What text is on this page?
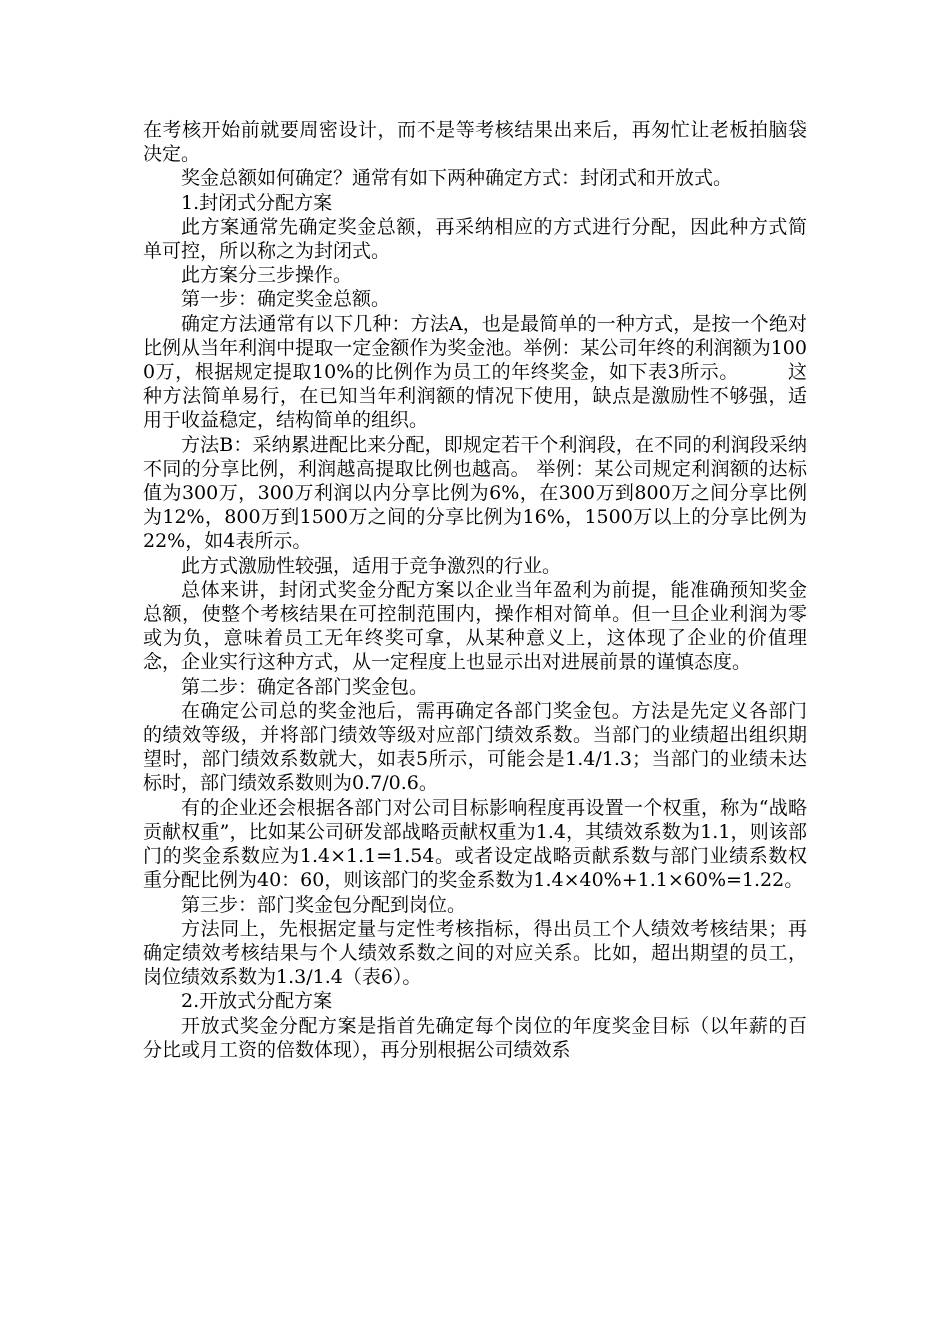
在考核开始前就要周密设计，而不是等考核结果出来后，再匆忙让老板拍脑袋决定。

奖金总额如何确定？通常有如下两种确定方式：封闭式和开放式。

1.封闭式分配方案

此方案通常先确定奖金总额，再采纳相应的方式进行分配，因此种方式简单可控，所以称之为封闭式。

此方案分三步操作。

第一步：确定奖金总额。

确定方法通常有以下几种：方法A，也是最简单的一种方式，是按一个绝对比例从当年利润中提取一定金额作为奖金池。举例：某公司年终的利润额为1000万，根据规定提取10%的比例作为员工的年终奖金，如下表3所示。　　　这种方法简单易行，在已知当年利润额的情况下使用，缺点是激励性不够强，适用于收益稳定，结构简单的组织。

方法B：采纳累进配比来分配，即规定若干个利润段，在不同的利润段采纳不同的分享比例，利润越高提取比例也越高。 举例：某公司规定利润额的达标值为300万，300万利润以内分享比例为6%，在300万到800万之间分享比例为12%，800万到1500万之间的分享比例为16%，1500万以上的分享比例为22%，如4表所示。

此方式激励性较强，适用于竞争激烈的行业。

总体来讲，封闭式奖金分配方案以企业当年盈利为前提，能准确预知奖金总额，使整个考核结果在可控制范围内，操作相对简单。但一旦企业利润为零或为负，意味着员工无年终奖可拿，从某种意义上，这体现了企业的价值理念，企业实行这种方式，从一定程度上也显示出对进展前景的谨慎态度。

第二步：确定各部门奖金包。

在确定公司总的奖金池后，需再确定各部门奖金包。方法是先定义各部门的绩效等级，并将部门绩效等级对应部门绩效系数。当部门的业绩超出组织期望时，部门绩效系数就大，如表5所示，可能会是1.4/1.3；当部门的业绩未达标时，部门绩效系数则为0.7/0.6。

有的企业还会根据各部门对公司目标影响程度再设置一个权重，称为“战略贡献权重”，比如某公司研发部战略贡献权重为1.4，其绩效系数为1.1，则该部门的奖金系数应为1.4×1.1=1.54。或者设定战略贡献系数与部门业绩系数权重分配比例为40：60，则该部门的奖金系数为1.4×40%+1.1×60%=1.22。

第三步：部门奖金包分配到岗位。

方法同上，先根据定量与定性考核指标，得出员工个人绩效考核结果；再确定绩效考核结果与个人绩效系数之间的对应关系。比如，超出期望的员工，岗位绩效系数为1.3/1.4（表6）。

2.开放式分配方案

开放式奖金分配方案是指首先确定每个岗位的年度奖金目标（以年薪的百分比或月工资的倍数体现），再分别根据公司绩效系
